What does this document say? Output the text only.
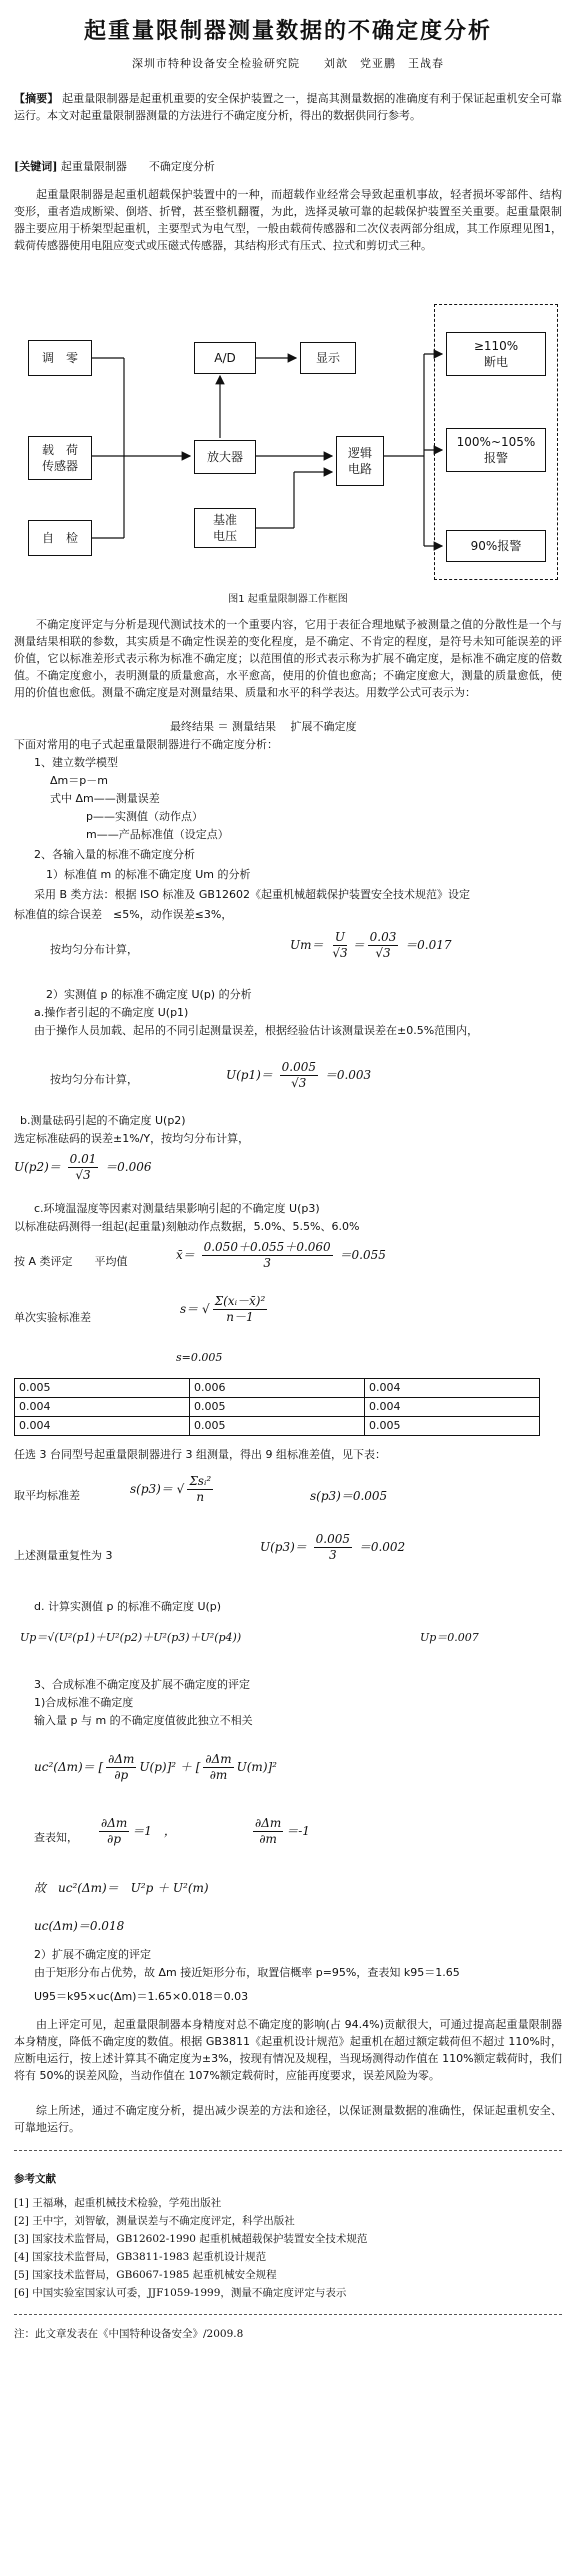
起重量限制器测量数据的不确定度分析
深圳市特种设备安全检验研究院　　刘歆　党亚鹏　王战春
【摘要】 起重量限制器是起重机重要的安全保护装置之一，提高其测量数据的准确度有利于保证起重机安全可靠运行。本文对起重量限制器测量的方法进行不确定度分析，得出的数据供同行参考。
[关键词] 起重量限制器　　不确定度分析
起重量限制器是起重机超载保护装置中的一种，而超载作业经常会导致起重机事故，轻者损坏零部件、结构变形，重者造成断梁、倒塔、折臂，甚至整机翻覆，为此，选择灵敏可靠的起载保护装置至关重要。起重量限制器主要应用于桥架型起重机，主要型式为电气型，一般由载荷传感器和二次仪表两部分组成，其工作原理见图1，载荷传感器使用电阻应变式或压磁式传感器，其结构形式有压式、拉式和剪切式三种。
调　零
载　荷
传感器
自　检
A/D	显示
放大器
基准
电压
逻辑
电路
≥110%
断电
100%~105%
报警
90%报警
图1 起重量限制器工作框图
不确定度评定与分析是现代测试技术的一个重要内容，它用于表征合理地赋予被测量之值的分散性是一个与测量结果相联的参数，其实质是不确定性误差的变化程度，是不确定、不肯定的程度，是符号未知可能误差的评价值，它以标准差形式表示称为标准不确定度；以范围值的形式表示称为扩展不确定度，是标准不确定度的倍数值。不确定度愈小，表明测量的质量愈高，水平愈高，使用的价值也愈高；不确定度愈大，测量的质量愈低，使用的价值也愈低。测量不确定度是对测量结果、质量和水平的科学表达。用数学公式可表示为：
最终结果 ＝ 测量结果　 扩展不确定度
下面对常用的电子式起重量限制器进行不确定度分析：
1、建立数学模型
Δm＝p－m
式中 Δm——测量误差
p——实测值（动作点）
m——产品标准值（设定点）
2、各输入量的标准不确定度分析
1）标准值 m 的标准不确定度 Um 的分析
采用 B 类方法：根据 ISO 标准及 GB12602《起重机械超载保护装置安全技术规范》设定
标准值的综合误差　≤5%，动作误差≤3%，
按均匀分布计算，	$Um= \frac{U}{√3} = \frac{0.03}{√3} =0.017$
2）实测值 p 的标准不确定度 U(p) 的分析
a.操作者引起的不确定度 U(p1)
由于操作人员加载、起吊的不同引起测量误差，根据经验估计该测量误差在±0.5%范围内，
按均匀分布计算，	$U(p1)= \frac{0.005}{√3} =0.003$
b.测量砝码引起的不确定度 U(p2)
选定标准砝码的误差±1%/Y，按均匀分布计算，
$U(p2)= \frac{0.01}{√3} =0.006$
c.环境温湿度等因素对测量结果影响引起的不确定度 U(p3)
以标准砝码测得一组起(起重量)刻触动作点数据，5.0%、5.5%、6.0%
按 A 类评定　　平均值	x̄＝ $\frac{0.050+0.055+0.060}{3} =0.055$
单次实验标准差
s＝ √ $\frac{\text{Σ(xᵢ－x̄)²}}{n-1}$
s=0.005
0.005	0.006	0.004
0.004	0.005	0.004
0.004	0.005	0.005
任选 3 台同型号起重量限制器进行 3 组测量，得出 9 组标准差值，见下表：
取平均标准差	s(p3)＝ √ $\frac{\text{Σsᵢ²}}{n}$	s(p3)＝0.005
上述测量重复性为 3
$U(p3)= \frac{0.005}{3} =0.002$
d. 计算实测值 p 的标准不确定度 U(p)
Up＝√(U²(p1)＋U²(p2)＋U²(p3)＋U²(p4))	Up＝0.007
3、合成标准不确定度及扩展不确定度的评定
1)合成标准不确定度
输入量 p 与 m 的不确定度值彼此独立不相关
uc²(Δm)＝ [ $\frac{\partial\Delta m}{\partial p} U(p)]^2$ ＋ [ $\frac{\partial\Delta m}{\partial m} U(m)]^2$
查表知， $\frac{\partial\Delta m}{\partial p} =1$　，	$\frac{\partial\Delta m}{\partial m} =-1$
故　uc²(Δm)＝　U²p ＋ U²(m)
uc(Δm)＝0.018
2）扩展不确定度的评定
由于矩形分布占优势，故 Δm 接近矩形分布，取置信概率 p=95%，查表知 k95＝1.65
U95＝k95×uc(Δm)＝1.65×0.018＝0.03
由上评定可见，起重量限制器本身精度对总不确定度的影响(占 94.4%)贡献很大，可通过提高起重量限制器本身精度，降低不确定度的数值。根据 GB3811《起重机设计规范》起重机在超过额定载荷但不超过 110%时，应断电运行，按上述计算其不确定度为±3%，按现有情况及规程，当现场测得动作值在 110%额定载荷时，我们将有 50%的误差风险，当动作值在 107%额定载荷时，应能再度要求，误差风险为零。
综上所述，通过不确定度分析，提出减少误差的方法和途径，以保证测量数据的准确性，保证起重机安全、可靠地运行。
参考文献
[1] 王福琳，起重机械技术检验，学苑出版社
[2] 王中宇，刘智敏，测量误差与不确定度评定，科学出版社
[3] 国家技术监督局，GB12602-1990 起重机械超载保护装置安全技术规范
[4] 国家技术监督局，GB3811-1983 起重机设计规范
[5] 国家技术监督局，GB6067-1985 起重机械安全规程
[6] 中国实验室国家认可委，JJF1059-1999，测量不确定度评定与表示
注：此文章发表在《中国特种设备安全》/2009.8
